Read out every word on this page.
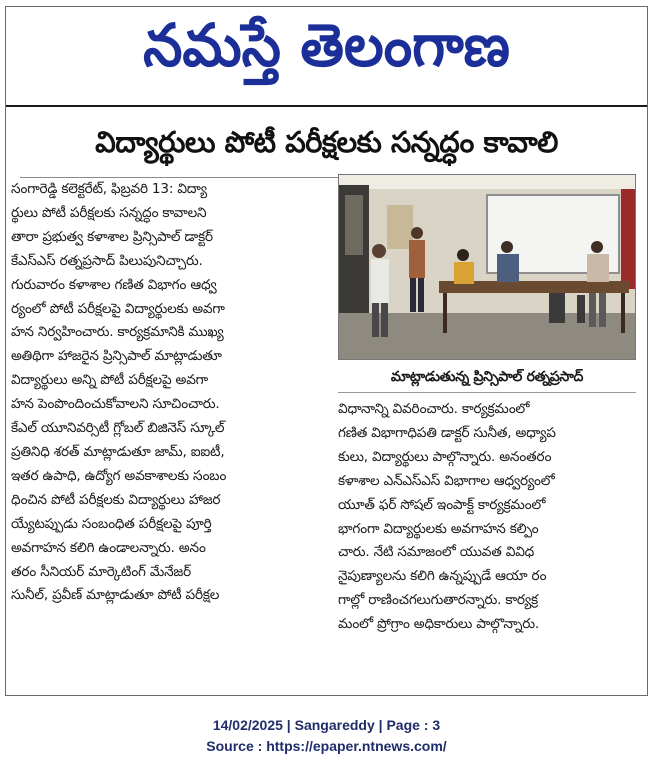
నమస్తే తెలంగాణ
విద్యార్థులు పోటీ పరీక్షలకు సన్నద్ధం కావాలి
సంగారెడ్డి కలెక్టరేట్, ఫిబ్రవరి 13: విద్యా
ర్థులు పోటీ పరీక్షలకు సన్నద్ధం కావాలని
తారా ప్రభుత్వ కళాశాల ప్రిన్సిపాల్ డాక్టర్
కేఎస్ఎస్ రత్నప్రసాద్ పిలుపునిచ్చారు.
గురువారం కళాశాల గణిత విభాగం ఆధ్వ
ర్యంలో పోటీ పరీక్షలపై విద్యార్థులకు అవగా
హన నిర్వహించారు. కార్యక్రమానికి ముఖ్య
అతిథిగా హాజరైన ప్రిన్సిపాల్ మాట్లాడుతూ
విద్యార్థులు అన్ని పోటీ పరీక్షలపై అవగా
హన పెంపొందించుకోవాలని సూచించారు.
కేఎల్ యూనివర్సిటీ గ్లోబల్ బిజినెస్ స్కూల్
ప్రతినిధి శరత్ మాట్లాడుతూ జామ్, ఐఐటీ,
ఇతర ఉపాధి, ఉద్యోగ అవకాశాలకు సంబం
ధించిన పోటీ పరీక్షలకు విద్యార్థులు హాజర
య్యేటప్పుడు సంబంధిత పరీక్షలపై పూర్తి
అవగాహన కలిగి ఉండాలన్నారు. అనం
తరం సీనియర్ మార్కెటింగ్ మేనేజర్
సునీల్, ప్రవీణ్ మాట్లాడుతూ పోటీ పరీక్షల
మాట్లాడుతున్న ప్రిన్సిపాల్ రత్నప్రసాద్
విధానాన్ని వివరించారు. కార్యక్రమంలో
గణిత విభాగాధిపతి డాక్టర్ సునీత, అధ్యాప
కులు, విద్యార్థులు పాల్గొన్నారు. అనంతరం
కళాశాల ఎన్ఎస్ఎస్ విభాగాల ఆధ్వర్యంలో
యూత్ ఫర్ సోషల్ ఇంపాక్ట్ కార్యక్రమంలో
భాగంగా విద్యార్థులకు అవగాహన కల్పిం
చారు. నేటి సమాజంలో యువత వివిధ
నైపుణ్యాలను కలిగి ఉన్నప్పుడే ఆయా రం
గాల్లో రాణించగలుగుతారన్నారు. కార్యక్ర
మంలో ప్రోగ్రాం అధికారులు పాల్గొన్నారు.
14/02/2025 | Sangareddy | Page : 3
Source : https://epaper.ntnews.com/
